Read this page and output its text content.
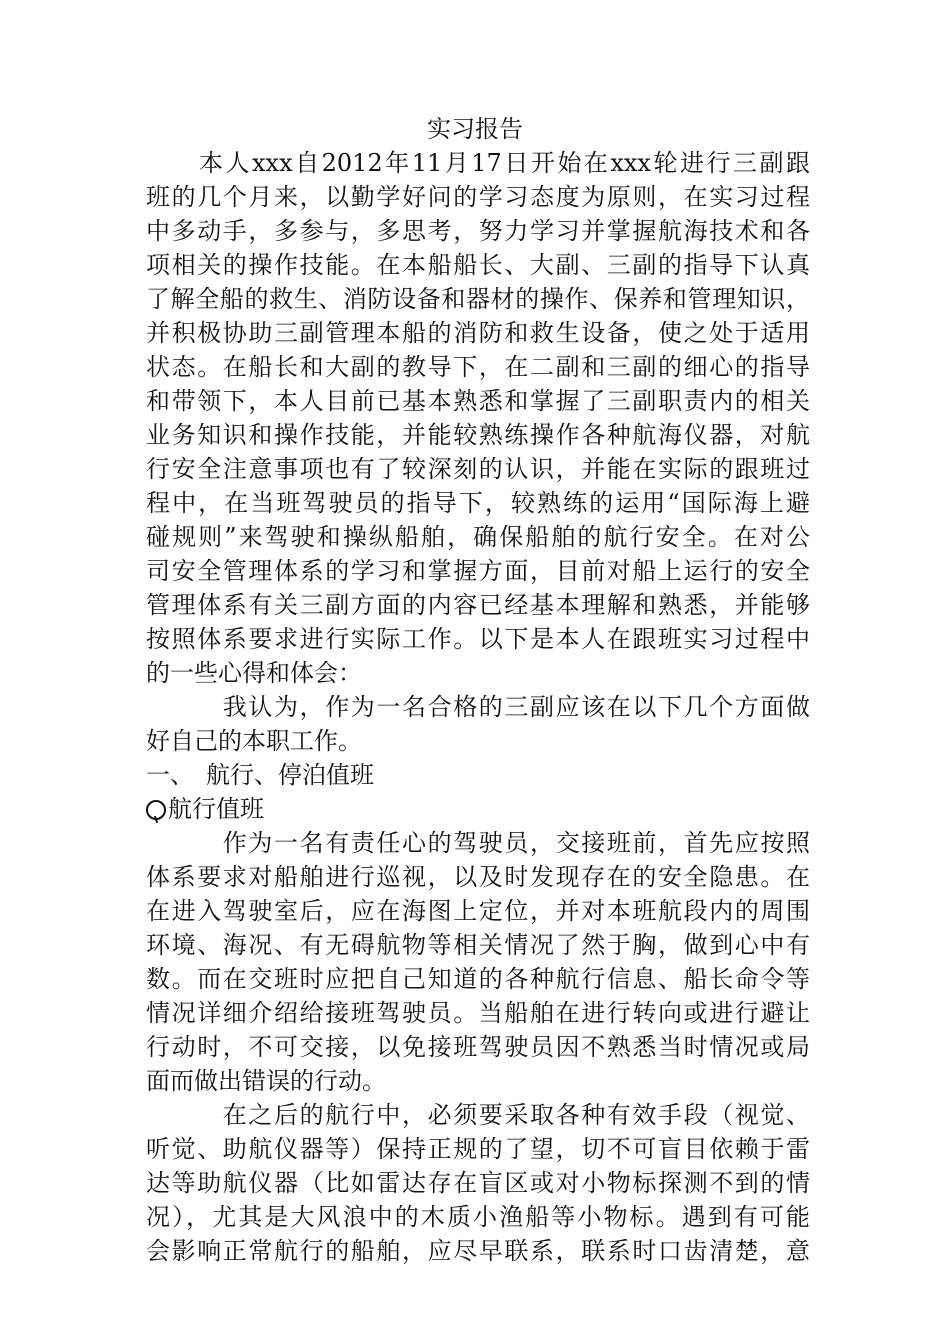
实习报告
　　本人xxx自2012年11月17日开始在xxx轮进行三副跟
班的几个月来，以勤学好问的学习态度为原则，在实习过程
中多动手，多参与，多思考，努力学习并掌握航海技术和各
项相关的操作技能。在本船船长、大副、三副的指导下认真
了解全船的救生、消防设备和器材的操作、保养和管理知识，
并积极协助三副管理本船的消防和救生设备，使之处于适用
状态。在船长和大副的教导下，在二副和三副的细心的指导
和带领下，本人目前已基本熟悉和掌握了三副职责内的相关
业务知识和操作技能，并能较熟练操作各种航海仪器，对航
行安全注意事项也有了较深刻的认识，并能在实际的跟班过
程中，在当班驾驶员的指导下，较熟练的运用“国际海上避
碰规则”来驾驶和操纵船舶，确保船舶的航行安全。在对公
司安全管理体系的学习和掌握方面，目前对船上运行的安全
管理体系有关三副方面的内容已经基本理解和熟悉，并能够
按照体系要求进行实际工作。以下是本人在跟班实习过程中
的一些心得和体会：
　　　我认为，作为一名合格的三副应该在以下几个方面做
好自己的本职工作。
一、　航行、停泊值班
航行值班
　　　作为一名有责任心的驾驶员，交接班前，首先应按照
体系要求对船舶进行巡视，以及时发现存在的安全隐患。在
在进入驾驶室后，应在海图上定位，并对本班航段内的周围
环境、海况、有无碍航物等相关情况了然于胸，做到心中有
数。而在交班时应把自己知道的各种航行信息、船长命令等
情况详细介绍给接班驾驶员。当船舶在进行转向或进行避让
行动时，不可交接，以免接班驾驶员因不熟悉当时情况或局
面而做出错误的行动。
　　　在之后的航行中，必须要采取各种有效手段（视觉、
听觉、助航仪器等）保持正规的了望，切不可盲目依赖于雷
达等助航仪器（比如雷达存在盲区或对小物标探测不到的情
况），尤其是大风浪中的木质小渔船等小物标。遇到有可能
会影响正常航行的船舶，应尽早联系，联系时口齿清楚，意
